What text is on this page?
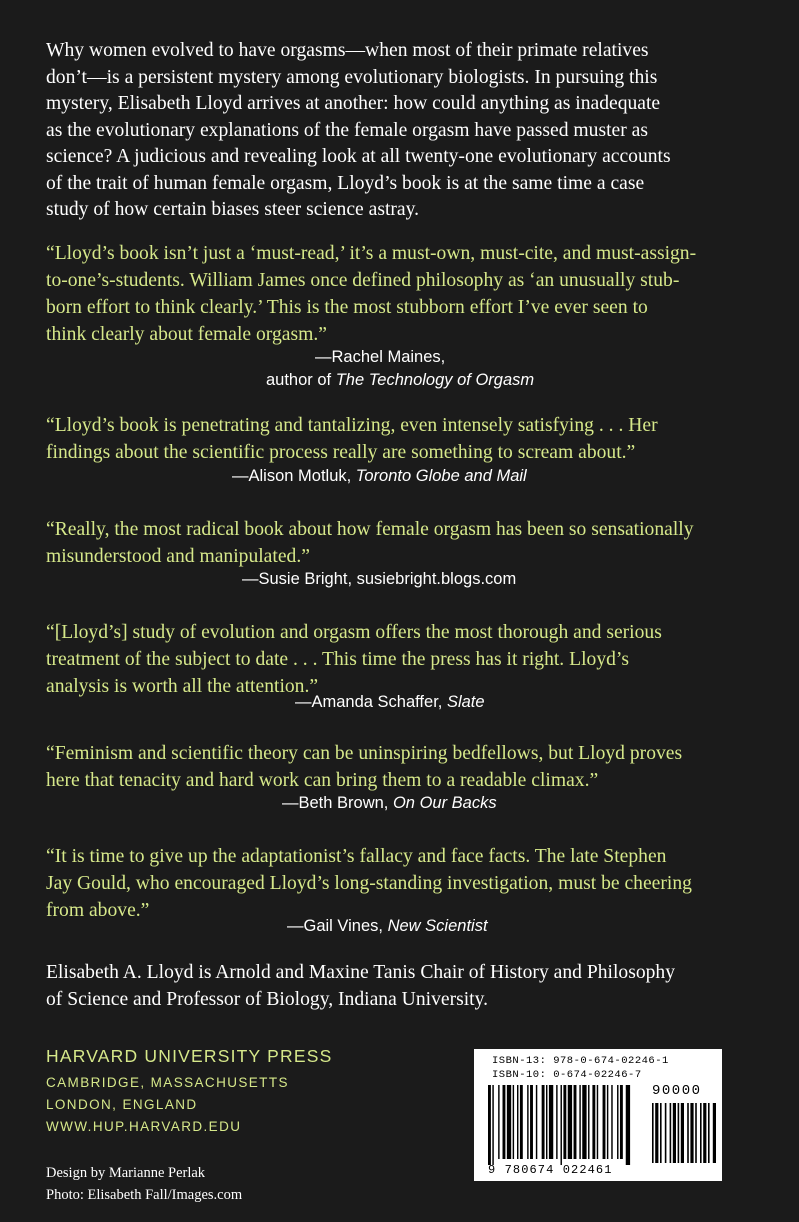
Why women evolved to have orgasms—when most of their primate relatives
don’t—is a persistent mystery among evolutionary biologists. In pursuing this
mystery, Elisabeth Lloyd arrives at another: how could anything as inadequate
as the evolutionary explanations of the female orgasm have passed muster as
science? A judicious and revealing look at all twenty-one evolutionary accounts
of the trait of human female orgasm, Lloyd’s book is at the same time a case
study of how certain biases steer science astray.
“Lloyd’s book isn’t just a ‘must-read,’ it’s a must-own, must-cite, and must-assign-
to-one’s-students. William James once defined philosophy as ‘an unusually stub-
born effort to think clearly.’ This is the most stubborn effort I’ve ever seen to
think clearly about female orgasm.”
—Rachel Maines,
author of The Technology of Orgasm
“Lloyd’s book is penetrating and tantalizing, even intensely satisfying . . . Her
findings about the scientific process really are something to scream about.”
—Alison Motluk, Toronto Globe and Mail
“Really, the most radical book about how female orgasm has been so sensationally
misunderstood and manipulated.”
—Susie Bright, susiebright.blogs.com
“[Lloyd’s] study of evolution and orgasm offers the most thorough and serious
treatment of the subject to date . . . This time the press has it right. Lloyd’s
analysis is worth all the attention.”
—Amanda Schaffer, Slate
“Feminism and scientific theory can be uninspiring bedfellows, but Lloyd proves
here that tenacity and hard work can bring them to a readable climax.”
—Beth Brown, On Our Backs
“It is time to give up the adaptationist’s fallacy and face facts. The late Stephen
Jay Gould, who encouraged Lloyd’s long-standing investigation, must be cheering
from above.”
—Gail Vines, New Scientist
Elisabeth A. Lloyd is Arnold and Maxine Tanis Chair of History and Philosophy
of Science and Professor of Biology, Indiana University.
HARVARD UNIVERSITY PRESS
CAMBRIDGE, MASSACHUSETTS
LONDON, ENGLAND
WWW.HUP.HARVARD.EDU
Design by Marianne Perlak
Photo: Elisabeth Fall/Images.com
ISBN-13: 978-0-674-02246-1
ISBN-10: 0-674-02246-7
90000
9 780674 022461
